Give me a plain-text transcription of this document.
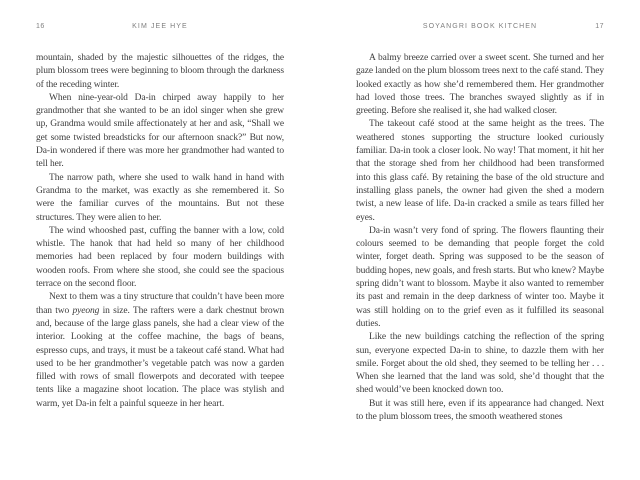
16	KIM JEE HYE

mountain, shaded by the majestic silhouettes of the ridges, the plum blossom trees were beginning to bloom through the darkness of the receding winter.

When nine-year-old Da-in chirped away happily to her grandmother that she wanted to be an idol singer when she grew up, Grandma would smile affectionately at her and ask, “Shall we get some twisted breadsticks for our afternoon snack?” But now, Da-in wondered if there was more her grandmother had wanted to tell her.

The narrow path, where she used to walk hand in hand with Grandma to the market, was exactly as she remembered it. So were the familiar curves of the mountains. But not these structures. They were alien to her.

The wind whooshed past, cuffing the banner with a low, cold whistle. The hanok that had held so many of her childhood memories had been replaced by four modern buildings with wooden roofs. From where she stood, she could see the spacious terrace on the second floor.

Next to them was a tiny structure that couldn’t have been more than two pyeong in size. The rafters were a dark chestnut brown and, because of the large glass panels, she had a clear view of the interior. Looking at the coffee machine, the bags of beans, espresso cups, and trays, it must be a takeout café stand. What had used to be her grandmother’s vegetable patch was now a garden filled with rows of small flowerpots and decorated with teepee tents like a magazine shoot location. The place was stylish and warm, yet Da-in felt a painful squeeze in her heart.

SOYANGRI BOOK KITCHEN	17

A balmy breeze carried over a sweet scent. She turned and her gaze landed on the plum blossom trees next to the café stand. They looked exactly as how she’d remembered them. Her grandmother had loved those trees. The branches swayed slightly as if in greeting. Before she realised it, she had walked closer.

The takeout café stood at the same height as the trees. The weathered stones supporting the structure looked curiously familiar. Da-in took a closer look. No way! That moment, it hit her that the storage shed from her childhood had been transformed into this glass café. By retaining the base of the old structure and installing glass panels, the owner had given the shed a modern twist, a new lease of life. Da-in cracked a smile as tears filled her eyes.

Da-in wasn’t very fond of spring. The flowers flaunting their colours seemed to be demanding that people forget the cold winter, forget death. Spring was supposed to be the season of budding hopes, new goals, and fresh starts. But who knew? Maybe spring didn’t want to blossom. Maybe it also wanted to remember its past and remain in the deep darkness of winter too. Maybe it was still holding on to the grief even as it fulfilled its seasonal duties.

Like the new buildings catching the reflection of the spring sun, everyone expected Da-in to shine, to dazzle them with her smile. Forget about the old shed, they seemed to be telling her . . . When she learned that the land was sold, she’d thought that the shed would’ve been knocked down too.

But it was still here, even if its appearance had changed. Next to the plum blossom trees, the smooth weathered stones
